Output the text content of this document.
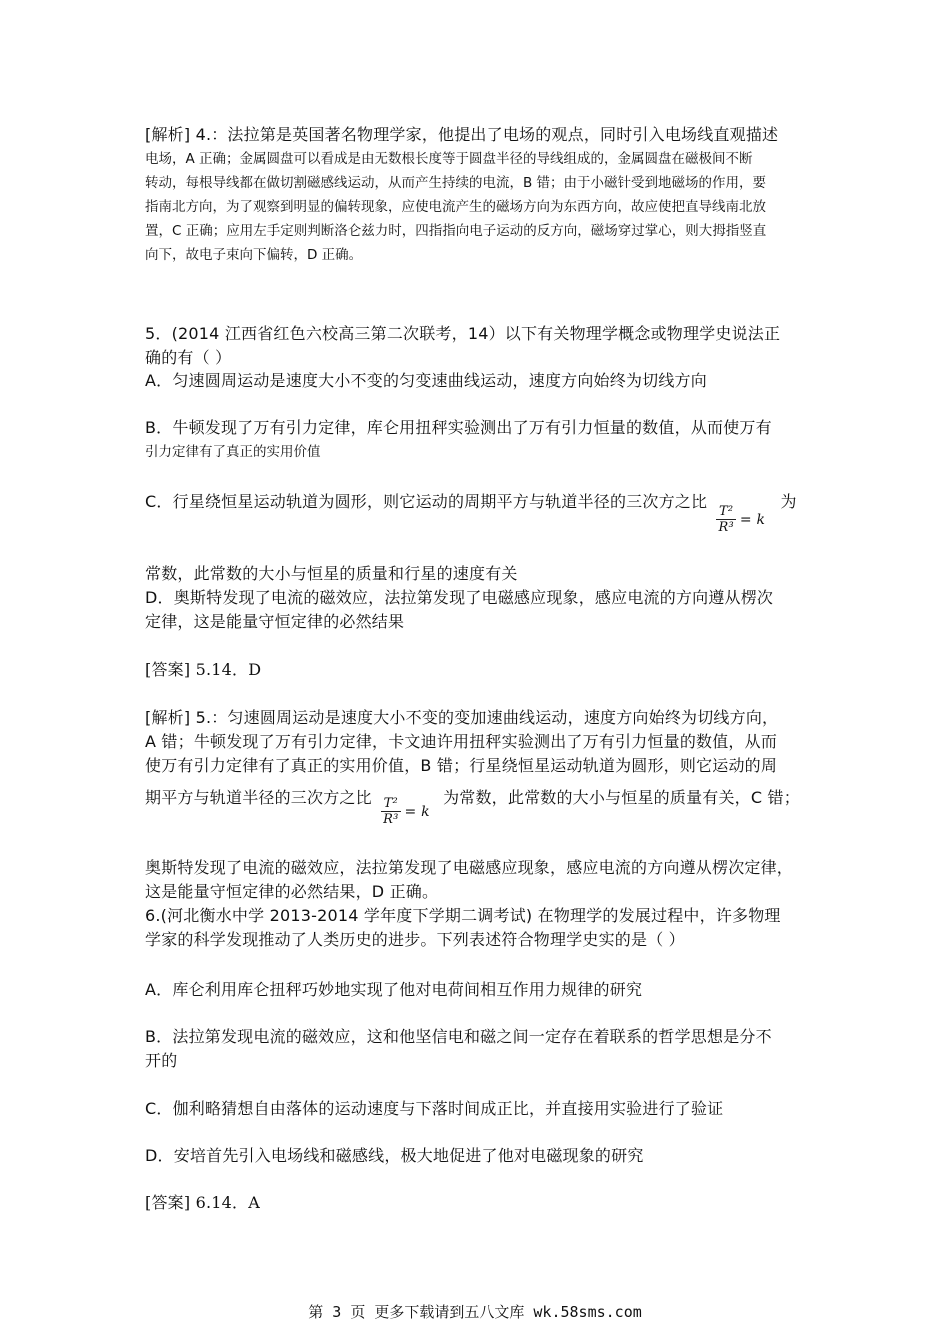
[解析] 4.：法拉第是英国著名物理学家，他提出了电场的观点，同时引入电场线直观描述
电场，A 正确；金属圆盘可以看成是由无数根长度等于圆盘半径的导线组成的，金属圆盘在磁极间不断
转动，每根导线都在做切割磁感线运动，从而产生持续的电流，B 错；由于小磁针受到地磁场的作用，要
指南北方向，为了观察到明显的偏转现象，应使电流产生的磁场方向为东西方向，故应使把直导线南北放
置，C 正确；应用左手定则判断洛仑兹力时，四指指向电子运动的反方向，磁场穿过掌心，则大拇指竖直
向下，故电子束向下偏转，D 正确。
5．(2014 江西省红色六校高三第二次联考，14）以下有关物理学概念或物理学史说法正
确的有（ ）
A．匀速圆周运动是速度大小不变的匀变速曲线运动，速度方向始终为切线方向
B．牛顿发现了万有引力定律，库仑用扭秤实验测出了万有引力恒量的数值，从而使万有
引力定律有了真正的实用价值
C．行星绕恒星运动轨道为圆形，则它运动的周期平方与轨道半径的三次方之比
$\frac{\text{T²}}{\text{R³}} = k$
为
常数，此常数的大小与恒星的质量和行星的速度有关
D．奥斯特发现了电流的磁效应，法拉第发现了电磁感应现象，感应电流的方向遵从楞次
定律，这是能量守恒定律的必然结果
[答案] 5.14．D
[解析] 5.：匀速圆周运动是速度大小不变的变加速曲线运动，速度方向始终为切线方向，
A 错；牛顿发现了万有引力定律，卡文迪许用扭秤实验测出了万有引力恒量的数值，从而
使万有引力定律有了真正的实用价值，B 错；行星绕恒星运动轨道为圆形，则它运动的周
期平方与轨道半径的三次方之比 $\frac{\text{T²}}{\text{R³}} = k$
为常数，此常数的大小与恒星的质量有关，C 错；
奥斯特发现了电流的磁效应，法拉第发现了电磁感应现象，感应电流的方向遵从楞次定律，
这是能量守恒定律的必然结果，D 正确。
6.(河北衡水中学 2013-2014 学年度下学期二调考试) 在物理学的发展过程中，许多物理
学家的科学发现推动了人类历史的进步。下列表述符合物理学史实的是（ ）
A．库仑利用库仑扭秤巧妙地实现了他对电荷间相互作用力规律的研究
B．法拉第发现电流的磁效应，这和他坚信电和磁之间一定存在着联系的哲学思想是分不
开的
C．伽利略猜想自由落体的运动速度与下落时间成正比，并直接用实验进行了验证
D．安培首先引入电场线和磁感线，极大地促进了他对电磁现象的研究
[答案] 6.14．A
第 3 页 更多下载请到五八文库 wk.58sms.com
